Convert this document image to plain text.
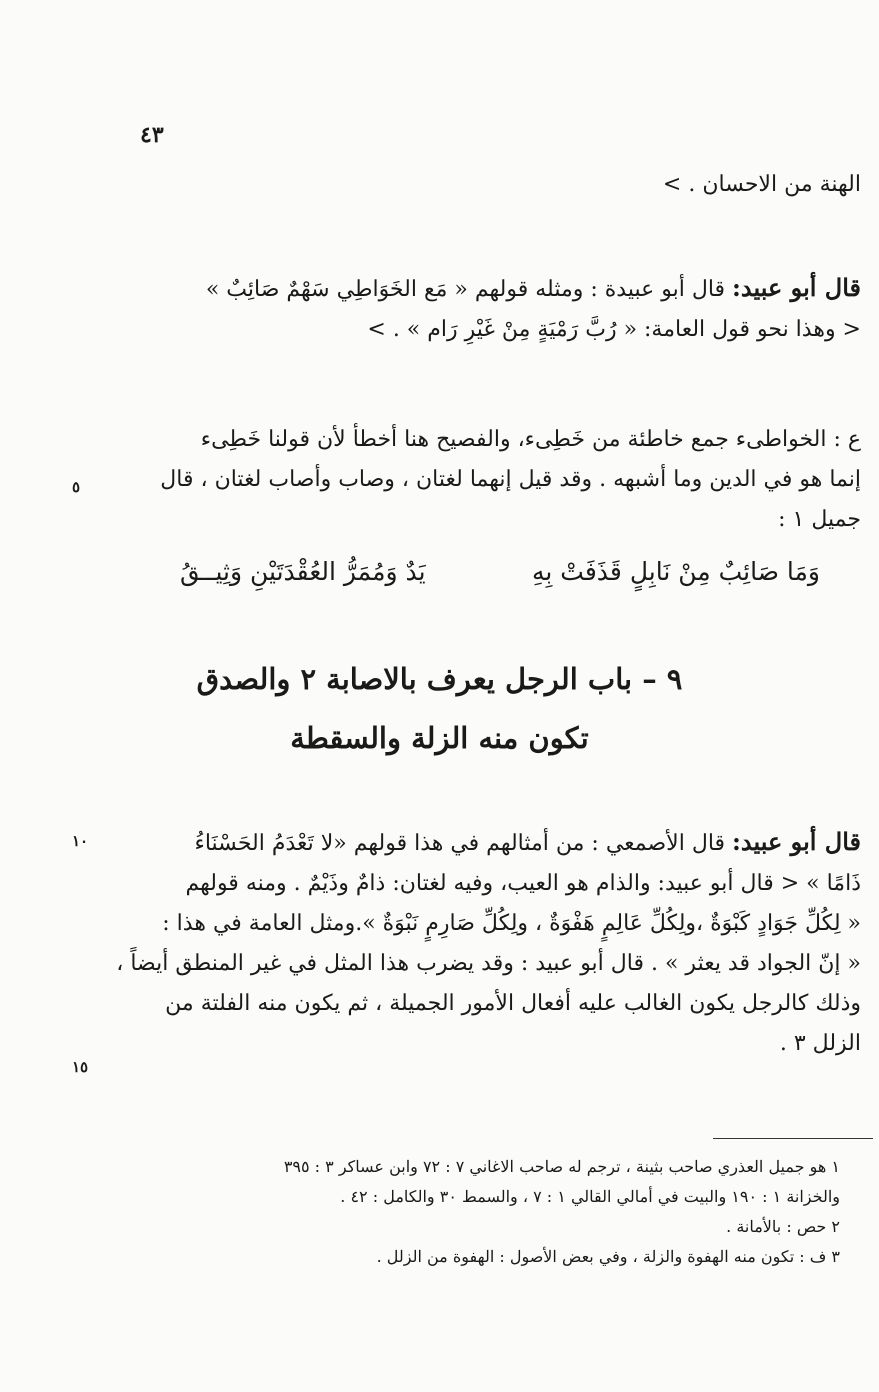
٤٣
الهنة من الاحسان . >
قال أبو عبيد: قال أبو عبيدة : ومثله قولهم « مَع الخَوَاطِي سَهْمٌ صَائِبٌ »
< وهذا نحو قول العامة: « رُبَّ رَمْيَةٍ مِنْ غَيْرِ رَام » . >
ع : الخواطىء جمع خاطئة من خَطِىء، والفصيح هنا أخطأ لأن قولنا خَطِىء
إنما هو في الدين وما أشبهه . وقد قيل إنهما لغتان ، وصاب وأصاب لغتان ، قال
جميل ١ :
وَمَا صَائِبٌ مِنْ نَابِلٍ قَذَفَتْ بِهِ
يَدٌ وَمُمَرُّ العُقْدَتَيْنِ وَثِيــقُ
٩ – باب الرجل يعرف بالاصابة ٢ والصدق
تكون منه الزلة والسقطة
قال أبو عبيد: قال الأصمعي : من أمثالهم في هذا قولهم «لا تَعْدَمُ الحَسْنَاءُ
ذَامًا » < قال أبو عبيد: والذام هو العيب، وفيه لغتان: ذامٌ وذَيْمٌ . ومنه قولهم
« لِكُلِّ جَوَادٍ كَبْوَةٌ ،ولِكُلِّ عَالِمٍ هَفْوَةٌ ، ولِكُلِّ صَارِمٍ نَبْوَةٌ ».ومثل العامة في هذا :
« إنّ الجواد قد يعثر » . قال أبو عبيد : وقد يضرب هذا المثل في غير المنطق أيضاً ،
وذلك كالرجل يكون الغالب عليه أفعال الأمور الجميلة ، ثم يكون منه الفلتة من
الزلل ٣ .
٥
١٠
١٥
١ هو جميل العذري صاحب بثينة ، ترجم له صاحب الاغاني ٧ : ٧٢ وابن عساكر ٣ : ٣٩٥
والخزانة ١ : ١٩٠ والبيت في أمالي القالي ١ : ٧ ، والسمط ٣٠ والكامل : ٤٢ .
٢ حص : بالأمانة .
٣ ف : تكون منه الهفوة والزلة ، وفي بعض الأصول : الهفوة من الزلل .
